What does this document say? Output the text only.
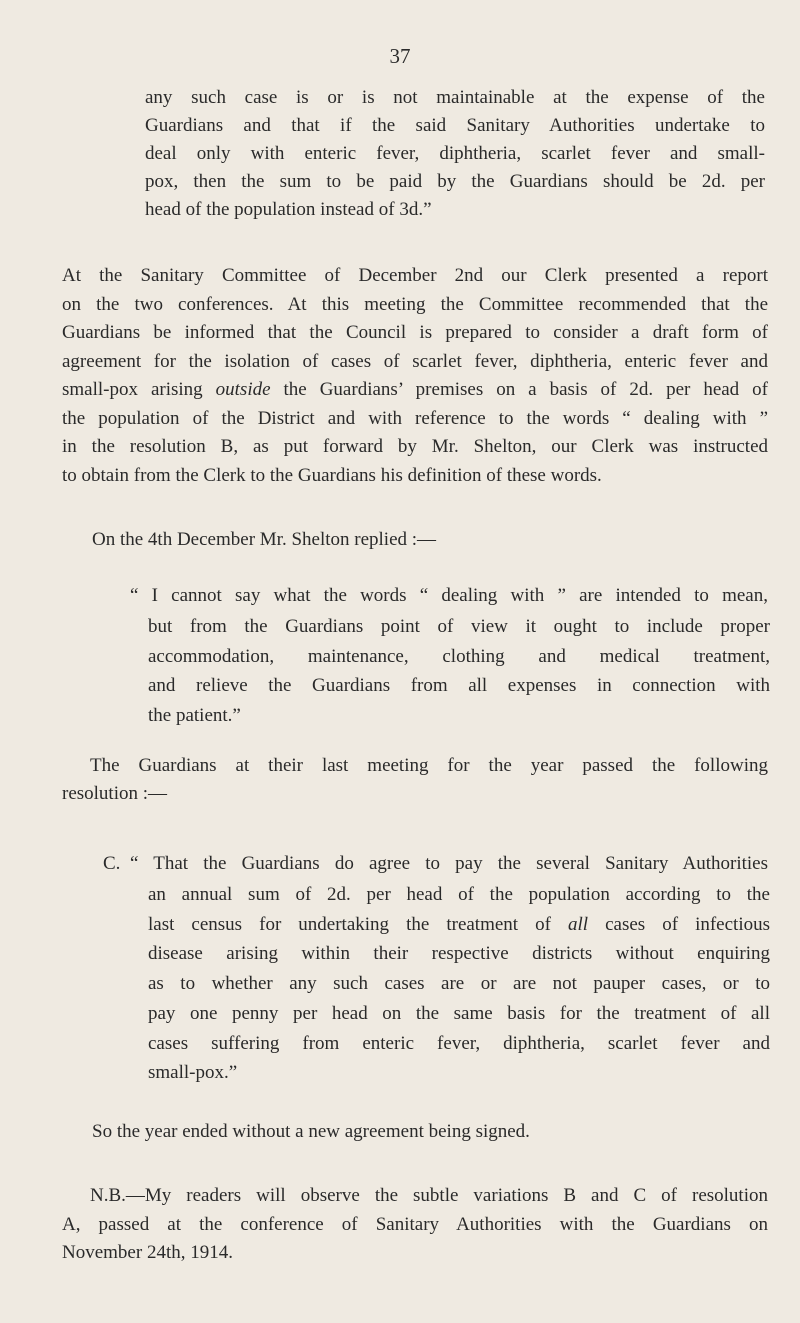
37

any such case is or is not maintainable at the expense of the
Guardians and that if the said Sanitary Authorities undertake to
deal only with enteric fever, diphtheria, scarlet fever and small-
pox, then the sum to be paid by the Guardians should be 2d. per
head of the population instead of 3d.”

At the Sanitary Committee of December 2nd our Clerk presented a report
on the two conferences. At this meeting the Committee recommended that the
Guardians be informed that the Council is prepared to consider a draft form of
agreement for the isolation of cases of scarlet fever, diphtheria, enteric fever and
small-pox arising outside the Guardians’ premises on a basis of 2d. per head of
the population of the District and with reference to the words “ dealing with ”
in the resolution B, as put forward by Mr. Shelton, our Clerk was instructed
to obtain from the Clerk to the Guardians his definition of these words.

On the 4th December Mr. Shelton replied :—
“ I cannot say what the words “ dealing with ” are intended to mean,

but from the Guardians point of view it ought to include proper
accommodation, maintenance, clothing and medical treatment,
and relieve the Guardians from all expenses in connection with
the patient.”

The Guardians at their last meeting for the year passed the following
resolution :—

C. “ That the Guardians do agree to pay the several Sanitary Authorities

an annual sum of 2d. per head of the population according to the
last census for undertaking the treatment of all cases of infectious
disease arising within their respective districts without enquiring
as to whether any such cases are or are not pauper cases, or to
pay one penny per head on the same basis for the treatment of all
cases suffering from enteric fever, diphtheria, scarlet fever and
small-pox.”

So the year ended without a new agreement being signed.

N.B.—My readers will observe the subtle variations B and C of resolution
A, passed at the conference of Sanitary Authorities with the Guardians on
November 24th, 1914.
